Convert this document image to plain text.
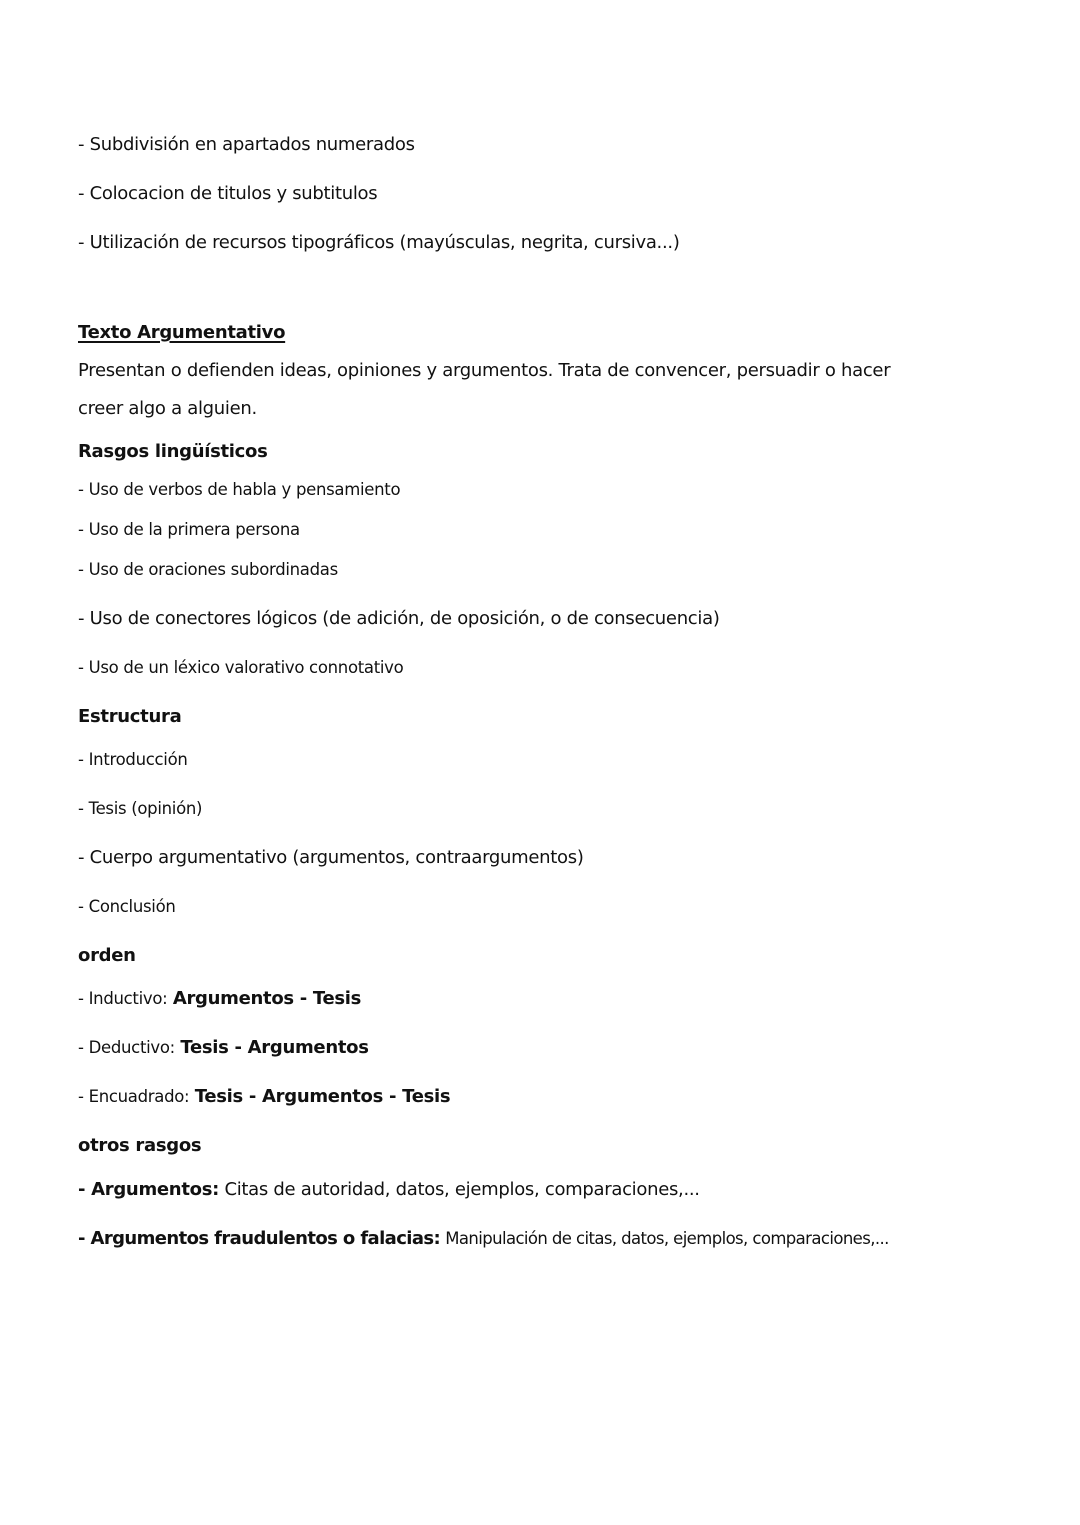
- Subdivisión en apartados numerados
- Colocacion de titulos y subtitulos
- Utilización de recursos tipográficos (mayúsculas, negrita, cursiva...)
Texto Argumentativo
Presentan o defienden ideas, opiniones y argumentos. Trata de convencer, persuadir o hacer
creer algo a alguien.
Rasgos lingüísticos
- Uso de verbos de habla y pensamiento
- Uso de la primera persona
- Uso de oraciones subordinadas
- Uso de conectores lógicos (de adición, de oposición, o de consecuencia)
- Uso de un léxico valorativo connotativo
Estructura
- Introducción
- Tesis (opinión)
- Cuerpo argumentativo (argumentos, contraargumentos)
- Conclusión
orden
- Inductivo: Argumentos - Tesis
- Deductivo: Tesis - Argumentos
- Encuadrado: Tesis - Argumentos - Tesis
otros rasgos
- Argumentos: Citas de autoridad, datos, ejemplos, comparaciones,...
- Argumentos fraudulentos o falacias: Manipulación de citas, datos, ejemplos, comparaciones,...
